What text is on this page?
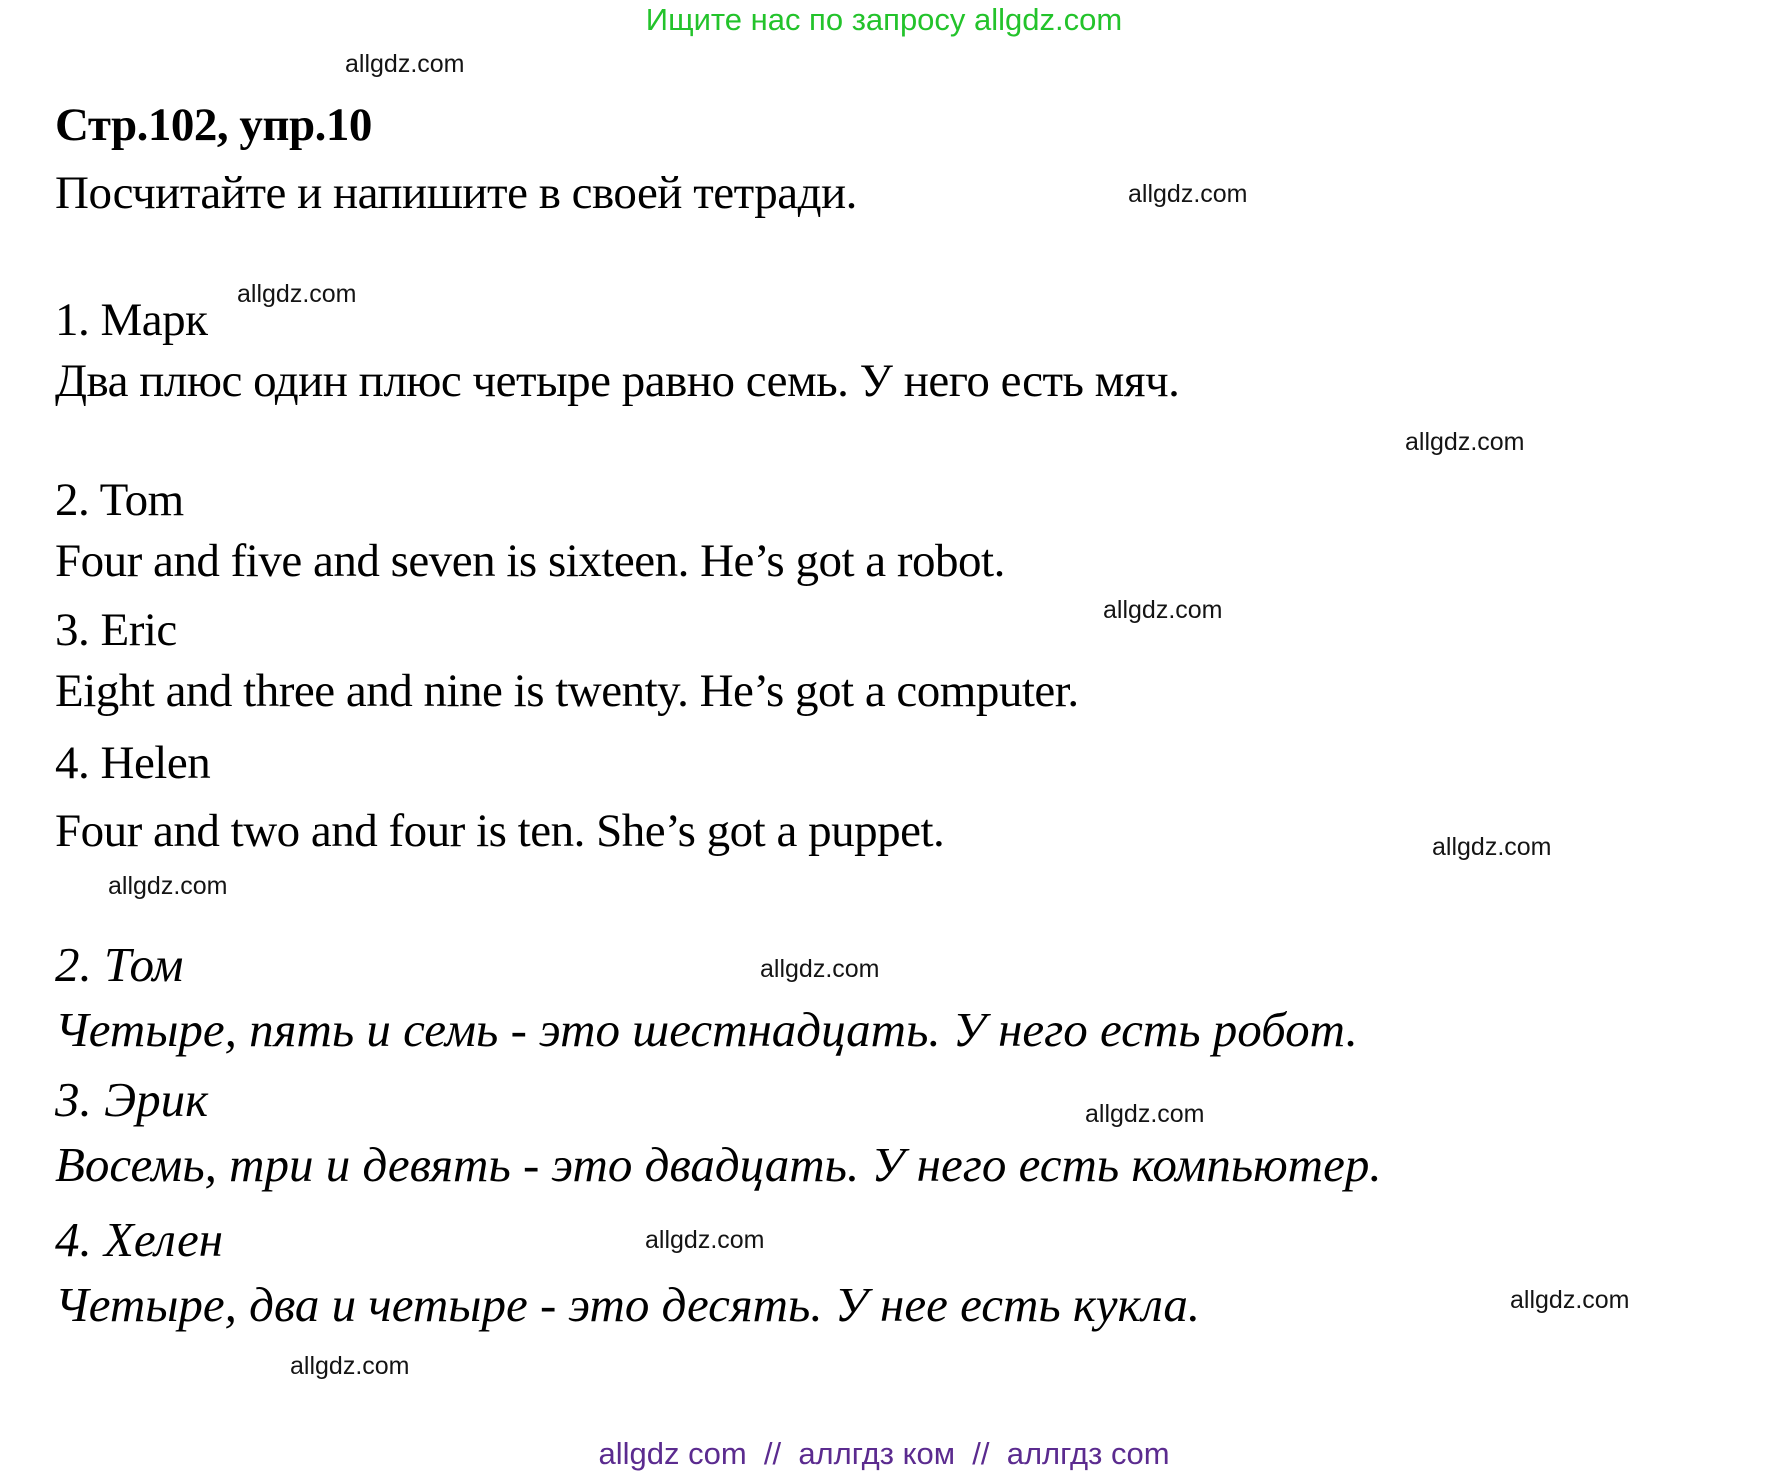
Ищите нас по запросу allgdz.com
allgdz.com
allgdz.com
allgdz.com
allgdz.com
allgdz.com
allgdz.com
allgdz.com
allgdz.com
allgdz.com
allgdz.com
allgdz.com
allgdz.com
Стр.102, упр.10
Посчитайте и напишите в своей тетради.
1. Марк
Два плюс один плюс четыре равно семь. У него есть мяч.
2. Tom
Four and five and seven is sixteen. He’s got a robot.
3. Eric
Eight and three and nine is twenty. He’s got a computer.
4. Helen
Four and two and four is ten. She’s got a puppet.
2. Том
Четыре, пять и семь - это шестнадцать. У него есть робот.
3. Эрик
Восемь, три и девять - это двадцать. У него есть компьютер.
4. Хелен
Четыре, два и четыре - это десять. У нее есть кукла.
allgdz com  //  аллгдз ком  //  аллгдз com
